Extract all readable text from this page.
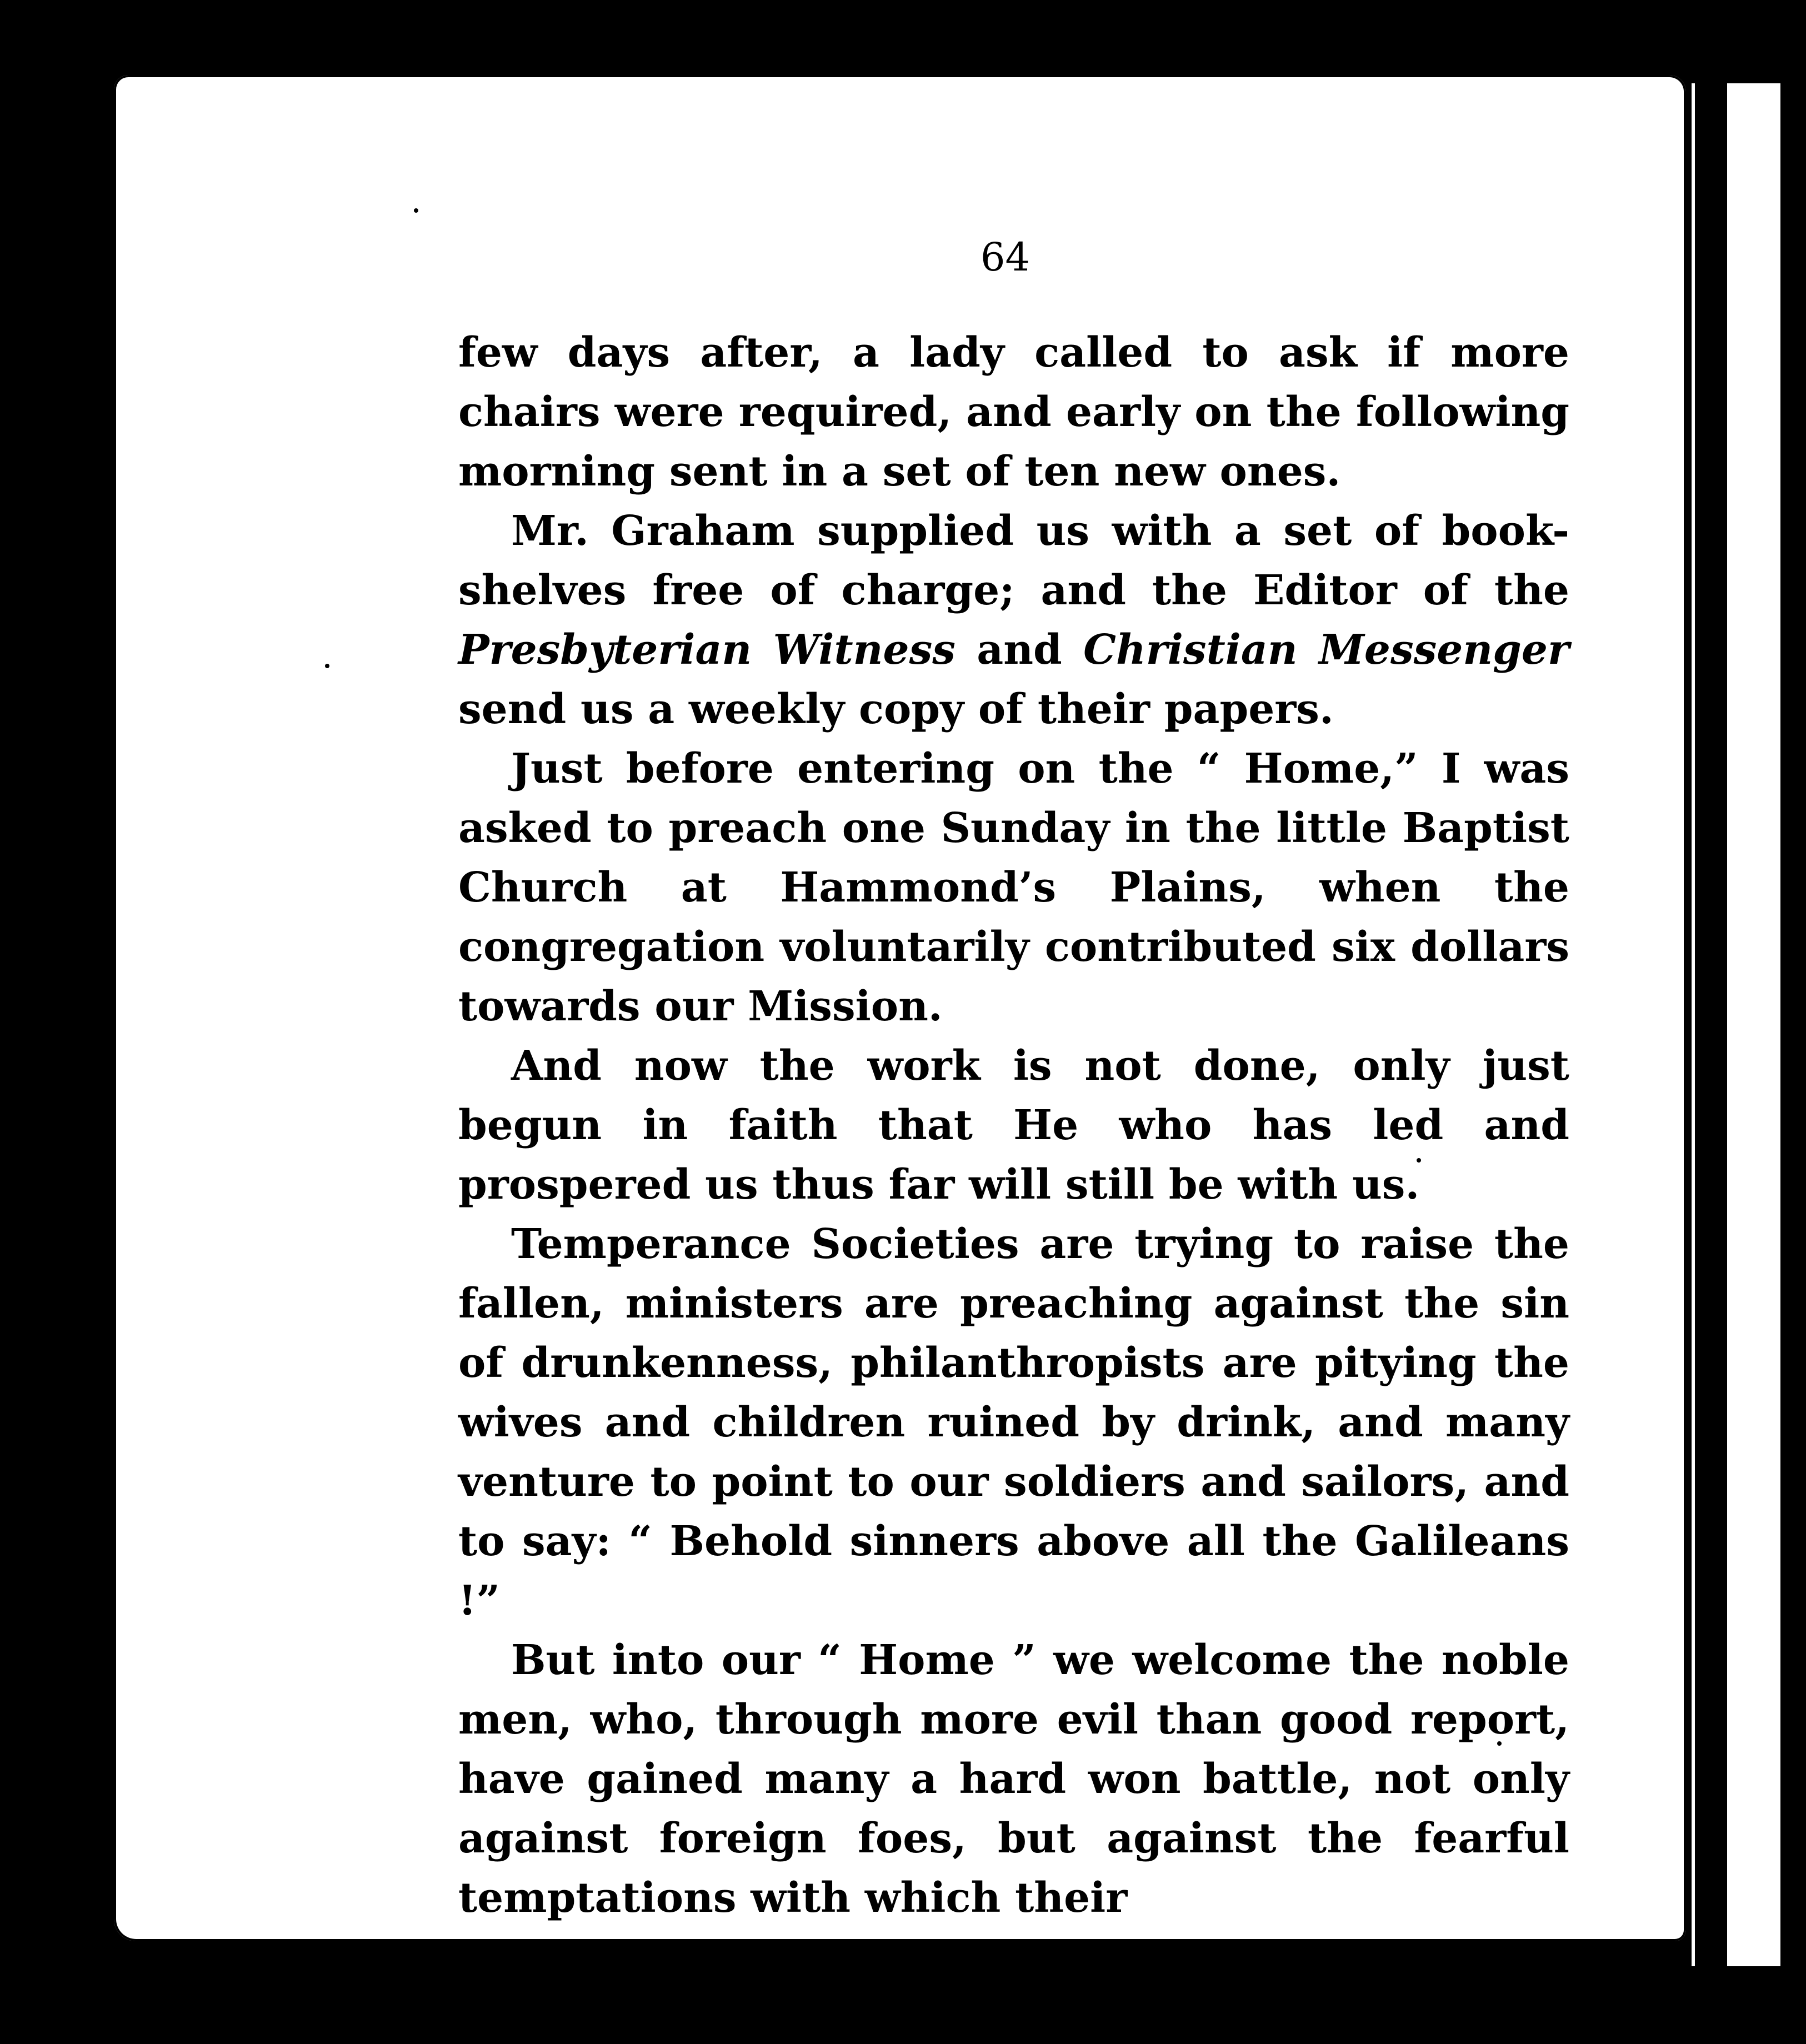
64

few days after, a lady called to ask if more chairs were required, and early on the following morning sent in a set of ten new ones.

Mr. Graham supplied us with a set of book-shelves free of charge; and the Editor of the Presbyterian Witness and Christian Messenger send us a weekly copy of their papers.

Just before entering on the “ Home,” I was asked to preach one Sunday in the little Baptist Church at Hammond’s Plains, when the congregation voluntarily contributed six dollars towards our Mission.

And now the work is not done, only just begun in faith that He who has led and prospered us thus far will still be with us.

Temperance Societies are trying to raise the fallen, ministers are preaching against the sin of drunkenness, philanthropists are pitying the wives and children ruined by drink, and many venture to point to our soldiers and sailors, and to say: “ Behold sinners above all the Galileans !”

But into our “ Home ” we welcome the noble men, who, through more evil than good report, have gained many a hard won battle, not only against foreign foes, but against the fearful temptations with which their
